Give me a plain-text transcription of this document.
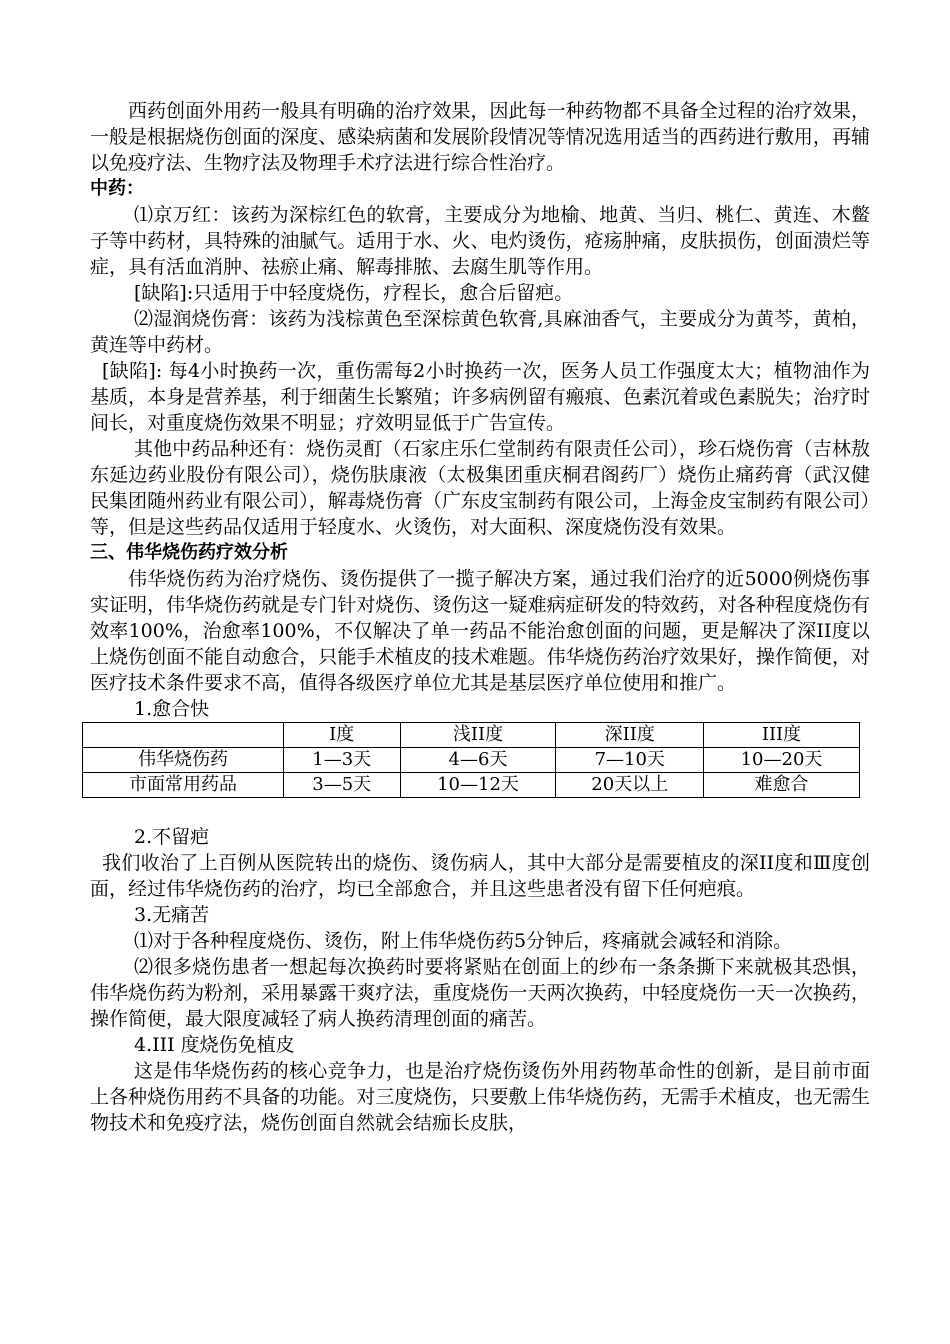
西药创面外用药一般具有明确的治疗效果，因此每一种药物都不具备全过程的治疗效果，一般是根据烧伤创面的深度、感染病菌和发展阶段情况等情况选用适当的西药进行敷用，再辅以免疫疗法、生物疗法及物理手术疗法进行综合性治疗。

中药：

⑴京万红：该药为深棕红色的软膏，主要成分为地榆、地黄、当归、桃仁、黄连、木鳖子等中药材，具特殊的油腻气。适用于水、火、电灼烫伤，疮疡肿痛，皮肤损伤，创面溃烂等症，具有活血消肿、祛瘀止痛、解毒排脓、去腐生肌等作用。

[缺陷]:只适用于中轻度烧伤，疗程长，愈合后留疤。

⑵湿润烧伤膏：该药为浅棕黄色至深棕黄色软膏,具麻油香气，主要成分为黄芩，黄柏，黄连等中药材。

[缺陷]: 每4小时换药一次，重伤需每2小时换药一次，医务人员工作强度太大；植物油作为基质，本身是营养基，利于细菌生长繁殖；许多病例留有瘢痕、色素沉着或色素脱失；治疗时间长，对重度烧伤效果不明显；疗效明显低于广告宣传。

其他中药品种还有：烧伤灵酊（石家庄乐仁堂制药有限责任公司），珍石烧伤膏（吉林敖东延边药业股份有限公司），烧伤肤康液（太极集团重庆桐君阁药厂）烧伤止痛药膏（武汉健民集团随州药业有限公司），解毒烧伤膏（广东皮宝制药有限公司，上海金皮宝制药有限公司）等，但是这些药品仅适用于轻度水、火烫伤，对大面积、深度烧伤没有效果。

三、伟华烧伤药疗效分析

伟华烧伤药为治疗烧伤、烫伤提供了一揽子解决方案，通过我们治疗的近5000例烧伤事实证明，伟华烧伤药就是专门针对烧伤、烫伤这一疑难病症研发的特效药，对各种程度烧伤有效率100%，治愈率100%，不仅解决了单一药品不能治愈创面的问题，更是解决了深II度以上烧伤创面不能自动愈合，只能手术植皮的技术难题。伟华烧伤药治疗效果好，操作简便，对医疗技术条件要求不高，值得各级医疗单位尤其是基层医疗单位使用和推广。

1.愈合快

	I度	浅II度	深II度	III度
伟华烧伤药	1—3天	4—6天	7—10天	10—20天
市面常用药品	3—5天	10—12天	20天以上	难愈合

2.不留疤

我们收治了上百例从医院转出的烧伤、烫伤病人，其中大部分是需要植皮的深II度和Ⅲ度创面，经过伟华烧伤药的治疗，均已全部愈合，并且这些患者没有留下任何疤痕。

3.无痛苦

⑴对于各种程度烧伤、烫伤，附上伟华烧伤药5分钟后，疼痛就会减轻和消除。

⑵很多烧伤患者一想起每次换药时要将紧贴在创面上的纱布一条条撕下来就极其恐惧，伟华烧伤药为粉剂，采用暴露干爽疗法，重度烧伤一天两次换药，中轻度烧伤一天一次换药，操作简便，最大限度减轻了病人换药清理创面的痛苦。

4.III 度烧伤免植皮

这是伟华烧伤药的核心竞争力，也是治疗烧伤烫伤外用药物革命性的创新，是目前市面上各种烧伤用药不具备的功能。对三度烧伤，只要敷上伟华烧伤药，无需手术植皮，也无需生物技术和免疫疗法，烧伤创面自然就会结痂长皮肤，
